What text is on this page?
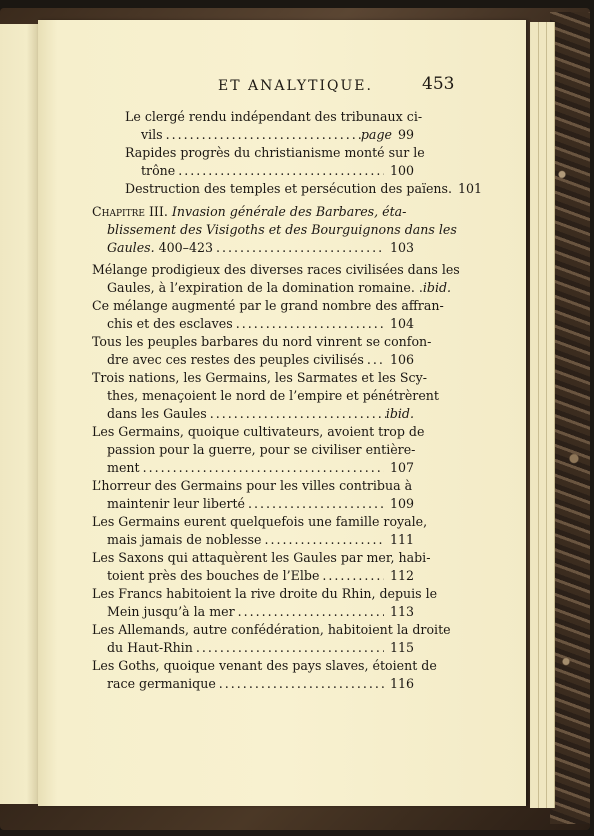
ET ANALYTIQUE.	453
Le clergé rendu indépendant des tribunaux ci-
vils .....	page 99
Rapides progrès du christianisme monté sur le
trône .....	100
Destruction des temples et persécution des païens. 101
Chapitre III. Invasion générale des Barbares, éta-
blissement des Visigoths et des Bourguignons dans les
Gaules. 400–423 .....	103
Mélange prodigieux des diverses races civilisées dans les
Gaules, à l’expiration de la domination romaine. . ibid.
Ce mélange augmenté par le grand nombre des affran-
chis et des esclaves .....	104
Tous les peuples barbares du nord vinrent se confon-
dre avec ces restes des peuples civilisés .....	106
Trois nations, les Germains, les Sarmates et les Scy-
thes, menaçoient le nord de l’empire et pénétrèrent
dans les Gaules .....	ibid.
Les Germains, quoique cultivateurs, avoient trop de
passion pour la guerre, pour se civiliser entière-
ment .....	107
L’horreur des Germains pour les villes contribua à
maintenir leur liberté .....	109
Les Germains eurent quelquefois une famille royale,
mais jamais de noblesse .....	111
Les Saxons qui attaquèrent les Gaules par mer, habi-
toient près des bouches de l’Elbe .....	112
Les Francs habitoient la rive droite du Rhin, depuis le
Mein jusqu’à la mer .....	113
Les Allemands, autre confédération, habitoient la droite
du Haut-Rhin .....	115
Les Goths, quoique venant des pays slaves, étoient de
race germanique .....	116
